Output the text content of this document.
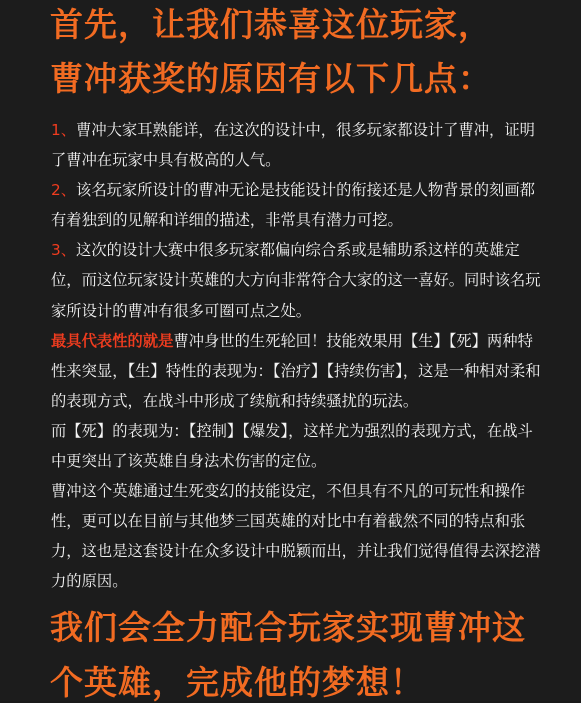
首先，让我们恭喜这位玩家，
曹冲获奖的原因有以下几点：

1、曹冲大家耳熟能详，在这次的设计中，很多玩家都设计了曹冲，证明了曹冲在玩家中具有极高的人气。

2、该名玩家所设计的曹冲无论是技能设计的衔接还是人物背景的刻画都有着独到的见解和详细的描述，非常具有潜力可挖。

3、这次的设计大赛中很多玩家都偏向综合系或是辅助系这样的英雄定位，而这位玩家设计英雄的大方向非常符合大家的这一喜好。同时该名玩家所设计的曹冲有很多可圈可点之处。

最具代表性的就是曹冲身世的生死轮回！技能效果用【生】【死】两种特性来突显，【生】特性的表现为：【治疗】【持续伤害】，这是一种相对柔和的表现方式，在战斗中形成了续航和持续骚扰的玩法。

而【死】的表现为：【控制】【爆发】，这样尤为强烈的表现方式，在战斗中更突出了该英雄自身法术伤害的定位。

曹冲这个英雄通过生死变幻的技能设定，不但具有不凡的可玩性和操作性，更可以在目前与其他梦三国英雄的对比中有着截然不同的特点和张力，这也是这套设计在众多设计中脱颖而出，并让我们觉得值得去深挖潜力的原因。

我们会全力配合玩家实现曹冲这
个英雄，完成他的梦想！
